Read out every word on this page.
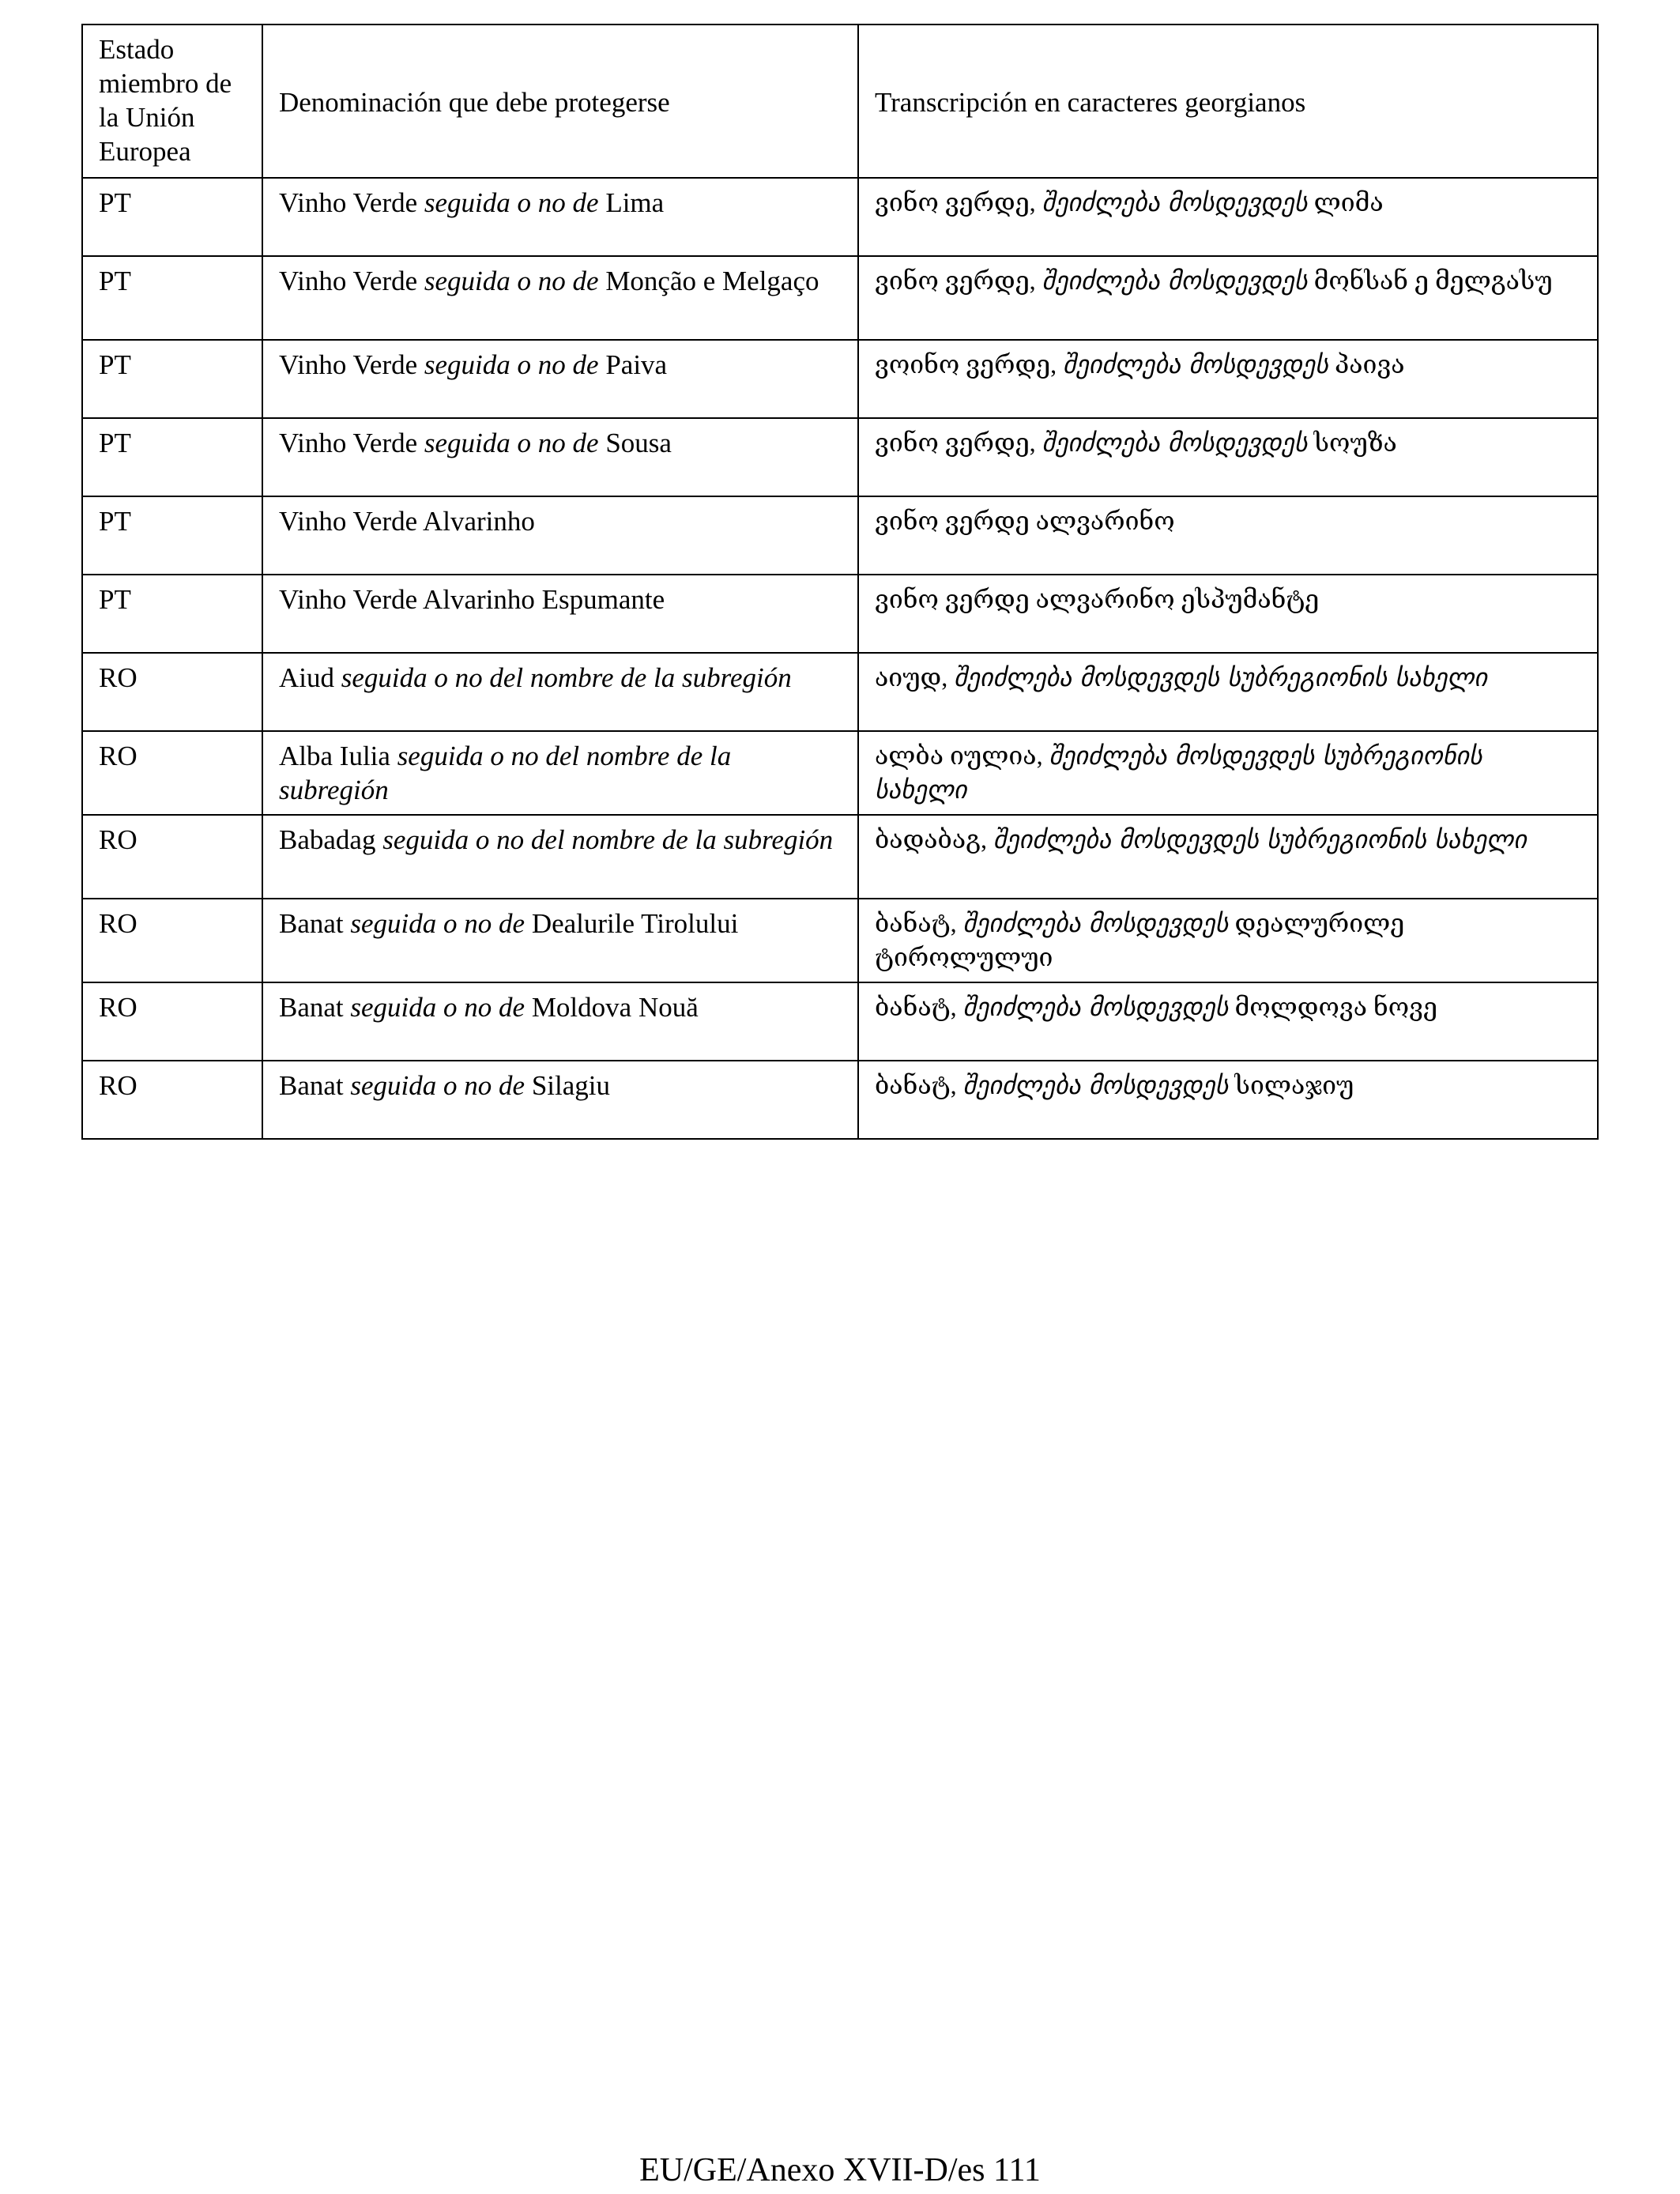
Estado miembro de la Unión Europea	Denominación que debe protegerse	Transcripción en caracteres georgianos
PT	Vinho Verde seguida o no de Lima	ვინო ვერდე, შეიძლება მოსდევდეს ლიმა
PT	Vinho Verde seguida o no de Monção e Melgaço	ვინო ვერდე, შეიძლება მოსდევდეს მონსან ე მელგასუ
PT	Vinho Verde seguida o no de Paiva	ვოინო ვერდე, შეიძლება მოსდევდეს პაივა
PT	Vinho Verde seguida o no de Sousa	ვინო ვერდე, შეიძლება მოსდევდეს სოუზა
PT	Vinho Verde Alvarinho	ვინო ვერდე ალვარინო
PT	Vinho Verde Alvarinho Espumante	ვინო ვერდე ალვარინო ესპუმანტე
RO	Aiud seguida o no del nombre de la subregión	აიუდ, შეიძლება მოსდევდეს სუბრეგიონის სახელი
RO	Alba Iulia seguida o no del nombre de la subregión	ალბა იულია, შეიძლება მოსდევდეს სუბრეგიონის სახელი
RO	Babadag seguida o no del nombre de la subregión	ბადაბაგ, შეიძლება მოსდევდეს სუბრეგიონის სახელი
RO	Banat seguida o no de Dealurile Tirolului	ბანატ, შეიძლება მოსდევდეს დეალურილე ტიროლულუი
RO	Banat seguida o no de Moldova Nouă	ბანატ, შეიძლება მოსდევდეს მოლდოვა ნოვე
RO	Banat seguida o no de Silagiu	ბანატ, შეიძლება მოსდევდეს სილაჯიუ
EU/GE/Anexo XVII-D/es 111
